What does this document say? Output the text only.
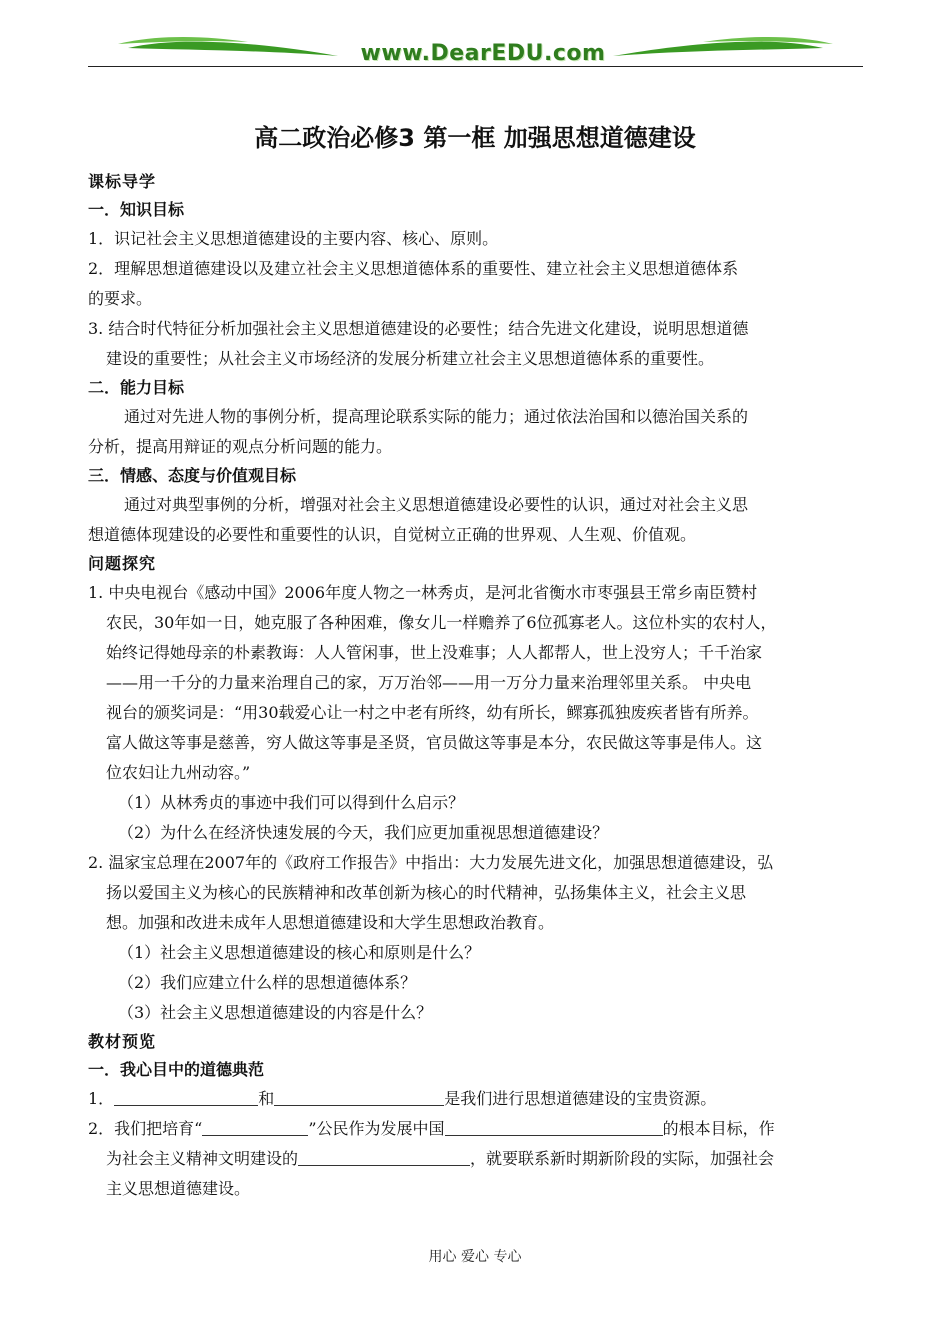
www.DearEDU.com
高二政治必修3 第一框 加强思想道德建设
课标导学
一．知识目标
1．识记社会主义思想道德建设的主要内容、核心、原则。
2．理解思想道德建设以及建立社会主义思想道德体系的重要性、建立社会主义思想道德体系
的要求。
3. 结合时代特征分析加强社会主义思想道德建设的必要性；结合先进文化建设，说明思想道德
建设的重要性；从社会主义市场经济的发展分析建立社会主义思想道德体系的重要性。
二．能力目标
通过对先进人物的事例分析，提高理论联系实际的能力；通过依法治国和以德治国关系的
分析，提高用辩证的观点分析问题的能力。
三．情感、态度与价值观目标
通过对典型事例的分析，增强对社会主义思想道德建设必要性的认识，通过对社会主义思
想道德体现建设的必要性和重要性的认识，自觉树立正确的世界观、人生观、价值观。
问题探究
1. 中央电视台《感动中国》2006年度人物之一林秀贞，是河北省衡水市枣强县王常乡南臣赞村
农民，30年如一日，她克服了各种困难，像女儿一样赡养了6位孤寡老人。这位朴实的农村人，
始终记得她母亲的朴素教诲：人人管闲事，世上没难事；人人都帮人，世上没穷人；千千治家
——用一千分的力量来治理自己的家，万万治邻——用一万分力量来治理邻里关系。 中央电
视台的颁奖词是：“用30载爱心让一村之中老有所终，幼有所长，鳏寡孤独废疾者皆有所养。
富人做这等事是慈善，穷人做这等事是圣贤，官员做这等事是本分，农民做这等事是伟人。这
位农妇让九州动容。”
（1）从林秀贞的事迹中我们可以得到什么启示？
（2）为什么在经济快速发展的今天，我们应更加重视思想道德建设？
2. 温家宝总理在2007年的《政府工作报告》中指出：大力发展先进文化，加强思想道德建设，弘
扬以爱国主义为核心的民族精神和改革创新为核心的时代精神，弘扬集体主义，社会主义思
想。加强和改进未成年人思想道德建设和大学生思想政治教育。
（1）社会主义思想道德建设的核心和原则是什么？
（2）我们应建立什么样的思想道德体系？
（3）社会主义思想道德建设的内容是什么？
教材预览
一．我心目中的道德典范
1．	和	是我们进行思想道德建设的宝贵资源。
2．我们把培育“	”公民作为发展中国	的根本目标，作
为社会主义精神文明建设的	，就要联系新时期新阶段的实际，加强社会
主义思想道德建设。
用心 爱心 专心
